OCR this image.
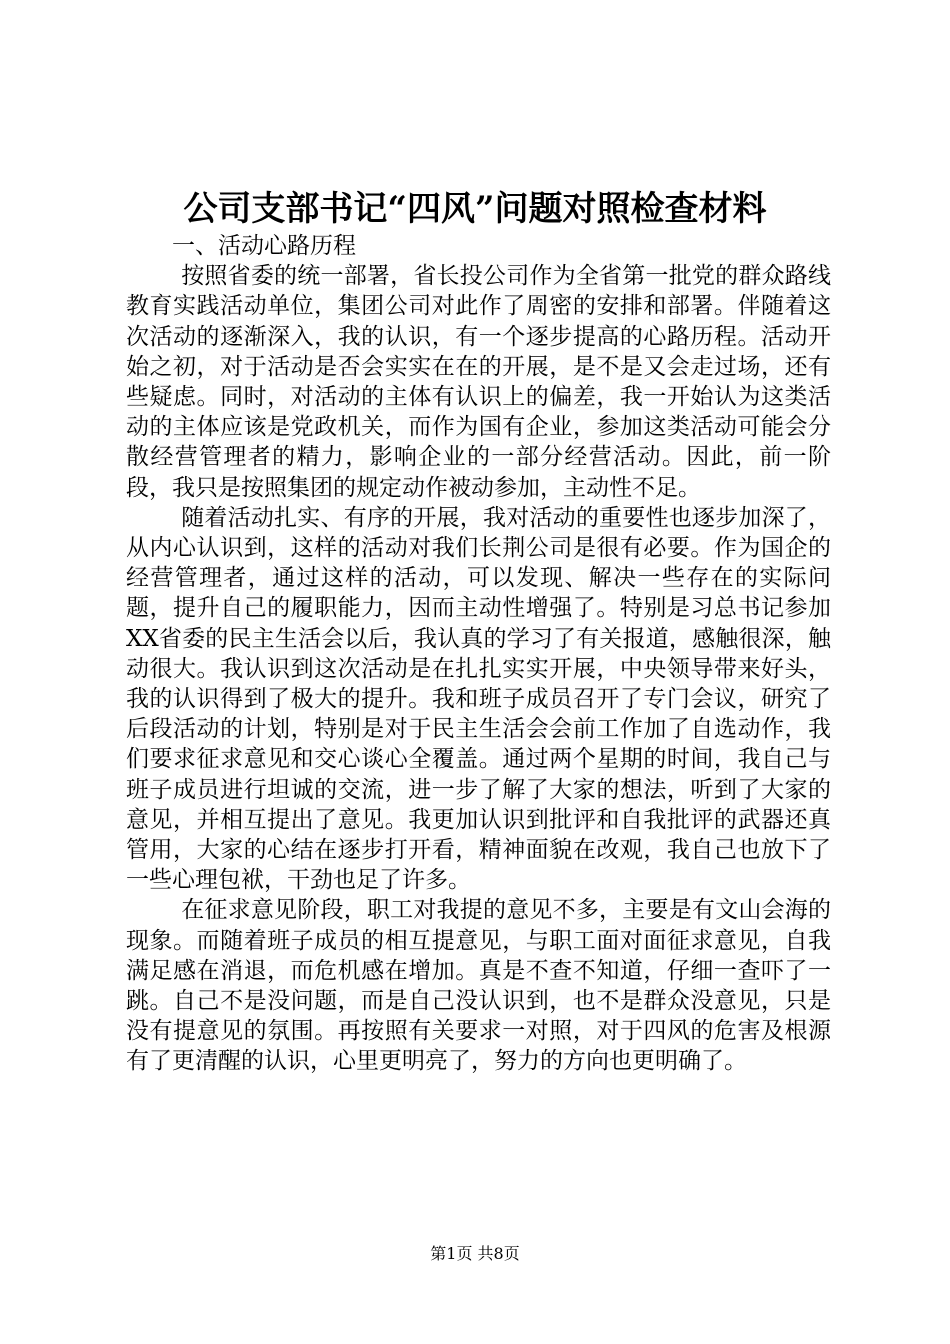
公司支部书记“四风”问题对照检查材料

一、活动心路历程

按照省委的统一部署，省长投公司作为全省第一批党的群众路线教育实践活动单位，集团公司对此作了周密的安排和部署。伴随着这次活动的逐渐深入，我的认识，有一个逐步提高的心路历程。活动开始之初，对于活动是否会实实在在的开展，是不是又会走过场，还有些疑虑。同时，对活动的主体有认识上的偏差，我一开始认为这类活动的主体应该是党政机关，而作为国有企业，参加这类活动可能会分散经营管理者的精力，影响企业的一部分经营活动。因此，前一阶段，我只是按照集团的规定动作被动参加，主动性不足。

随着活动扎实、有序的开展，我对活动的重要性也逐步加深了，从内心认识到，这样的活动对我们长荆公司是很有必要。作为国企的经营管理者，通过这样的活动，可以发现、解决一些存在的实际问题，提升自己的履职能力，因而主动性增强了。特别是习总书记参加XX省委的民主生活会以后，我认真的学习了有关报道，感触很深，触动很大。我认识到这次活动是在扎扎实实开展，中央领导带来好头，我的认识得到了极大的提升。我和班子成员召开了专门会议，研究了后段活动的计划，特别是对于民主生活会会前工作加了自选动作，我们要求征求意见和交心谈心全覆盖。通过两个星期的时间，我自己与班子成员进行坦诚的交流，进一步了解了大家的想法，听到了大家的意见，并相互提出了意见。我更加认识到批评和自我批评的武器还真管用，大家的心结在逐步打开看，精神面貌在改观，我自己也放下了一些心理包袱，干劲也足了许多。

在征求意见阶段，职工对我提的意见不多，主要是有文山会海的现象。而随着班子成员的相互提意见，与职工面对面征求意见，自我满足感在消退，而危机感在增加。真是不查不知道，仔细一查吓了一跳。自己不是没问题，而是自己没认识到，也不是群众没意见，只是没有提意见的氛围。再按照有关要求一对照，对于四风的危害及根源有了更清醒的认识，心里更明亮了，努力的方向也更明确了。

第1页 共8页
